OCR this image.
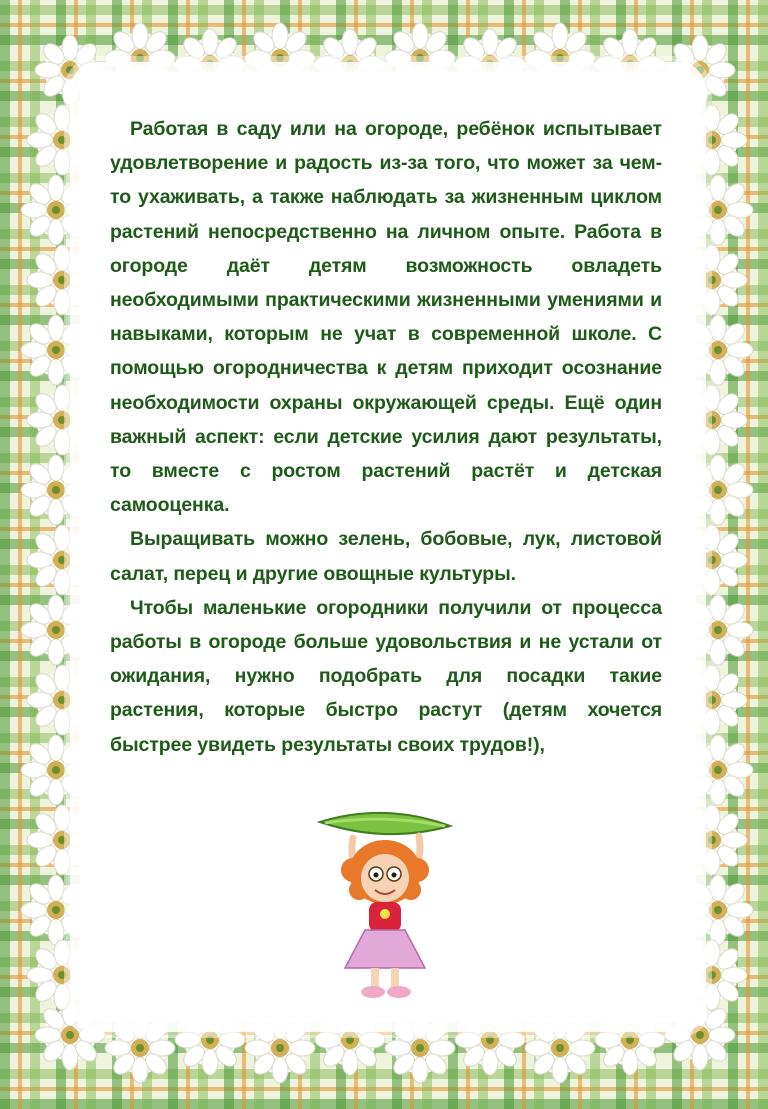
Работая в саду или на огороде, ребёнок испытывает удовлетворение и радость из-за того, что может за чем-то ухаживать, а также наблюдать за жизненным циклом растений непосредственно на личном опыте. Работа в огороде даёт детям возможность овладеть необходимыми практическими жизненными умениями и навыками, которым не учат в современной школе. С помощью огородничества к детям приходит осознание необходимости охраны окружающей среды. Ещё один важный аспект: если детские усилия дают результаты, то вместе с ростом растений растёт и детская самооценка.

Выращивать можно зелень, бобовые, лук, листовой салат, перец и другие овощные культуры.

Чтобы маленькие огородники получили от процесса работы в огороде больше удовольствия и не устали от ожидания, нужно подобрать для посадки такие растения, которые быстро растут (детям хочется быстрее увидеть результаты своих трудов!),
